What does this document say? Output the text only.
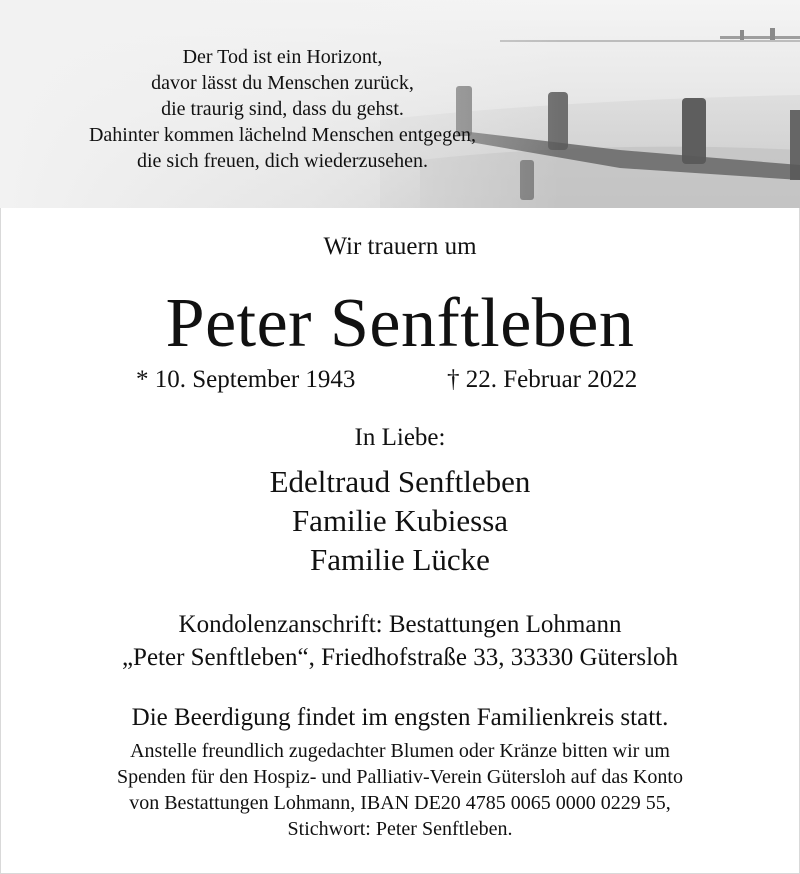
Der Tod ist ein Horizont,
davor lässt du Menschen zurück,
die traurig sind, dass du gehst.
Dahinter kommen lächelnd Menschen entgegen,
die sich freuen, dich wiederzusehen.
Wir trauern um
Peter Senftleben
* 10. September 1943	† 22. Februar 2022
In Liebe:
Edeltraud Senftleben
Familie Kubiessa
Familie Lücke
Kondolenzanschrift: Bestattungen Lohmann
„Peter Senftleben“, Friedhofstraße 33, 33330 Gütersloh
Die Beerdigung findet im engsten Familienkreis statt.
Anstelle freundlich zugedachter Blumen oder Kränze bitten wir um
Spenden für den Hospiz- und Palliativ-Verein Gütersloh auf das Konto
von Bestattungen Lohmann, IBAN DE20 4785 0065 0000 0229 55,
Stichwort: Peter Senftleben.
